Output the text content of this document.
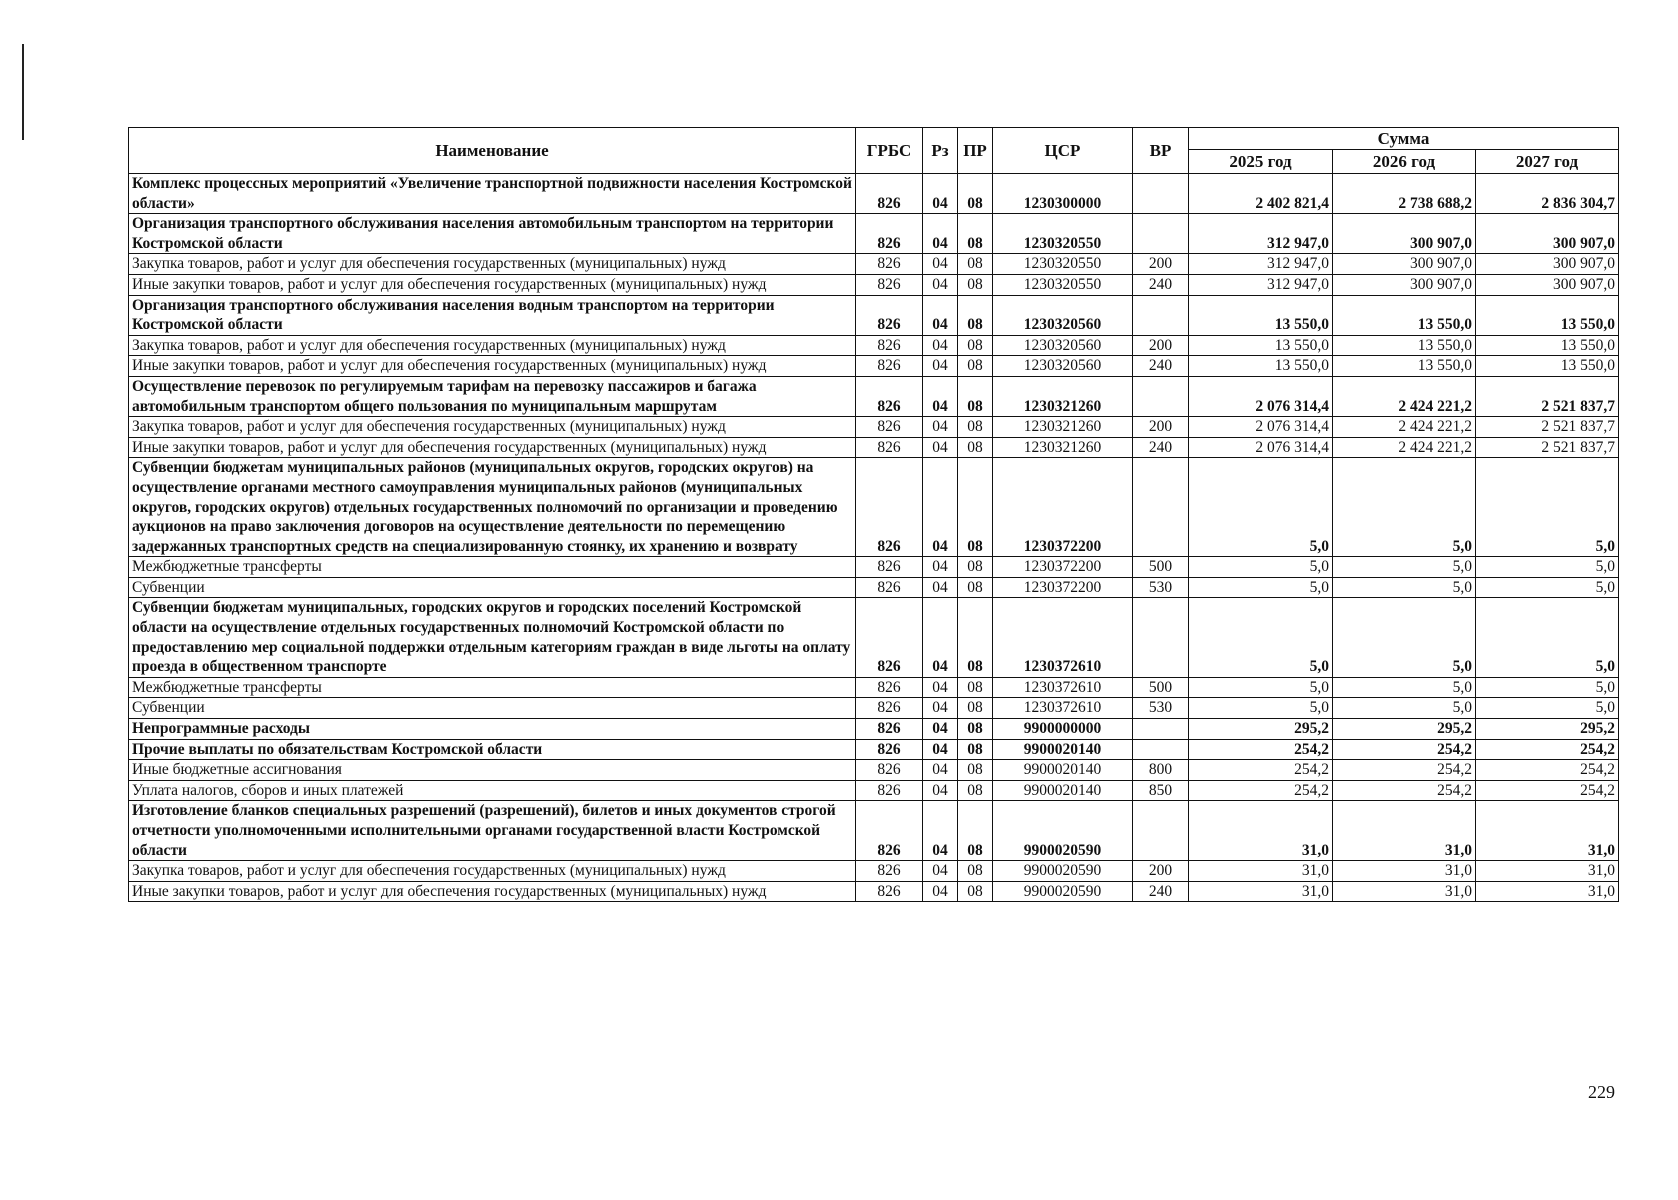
Наименование	ГРБС	Рз	ПР	ЦСР	ВР	Сумма		
						2025 год	2026 год	2027 год
Комплекс процессных мероприятий «Увеличение транспортной подвижности населения Костромской области»	826	04	08	1230300000		2 402 821,4	2 738 688,2	2 836 304,7
Организация транспортного обслуживания населения автомобильным транспортом на территории Костромской области	826	04	08	1230320550		312 947,0	300 907,0	300 907,0
Закупка товаров, работ и услуг для обеспечения государственных (муниципальных) нужд	826	04	08	1230320550	200	312 947,0	300 907,0	300 907,0
Иные закупки товаров, работ и услуг для обеспечения государственных (муниципальных) нужд	826	04	08	1230320550	240	312 947,0	300 907,0	300 907,0
Организация транспортного обслуживания населения водным транспортом на территории Костромской области	826	04	08	1230320560		13 550,0	13 550,0	13 550,0
Закупка товаров, работ и услуг для обеспечения государственных (муниципальных) нужд	826	04	08	1230320560	200	13 550,0	13 550,0	13 550,0
Иные закупки товаров, работ и услуг для обеспечения государственных (муниципальных) нужд	826	04	08	1230320560	240	13 550,0	13 550,0	13 550,0
Осуществление перевозок по регулируемым тарифам на перевозку пассажиров и багажа автомобильным транспортом общего пользования по муниципальным маршрутам	826	04	08	1230321260		2 076 314,4	2 424 221,2	2 521 837,7
Закупка товаров, работ и услуг для обеспечения государственных (муниципальных) нужд	826	04	08	1230321260	200	2 076 314,4	2 424 221,2	2 521 837,7
Иные закупки товаров, работ и услуг для обеспечения государственных (муниципальных) нужд	826	04	08	1230321260	240	2 076 314,4	2 424 221,2	2 521 837,7
Субвенции бюджетам муниципальных районов (муниципальных округов, городских округов) на осуществление органами местного самоуправления муниципальных районов (муниципальных округов, городских округов) отдельных государственных полномочий по организации и проведению аукционов на право заключения договоров на осуществление деятельности по перемещению задержанных транспортных средств на специализированную стоянку, их хранению и возврату	826	04	08	1230372200		5,0	5,0	5,0
Межбюджетные трансферты	826	04	08	1230372200	500	5,0	5,0	5,0
Субвенции	826	04	08	1230372200	530	5,0	5,0	5,0
Субвенции бюджетам муниципальных, городских округов и городских поселений Костромской области на осуществление отдельных государственных полномочий Костромской области по предоставлению мер социальной поддержки отдельным категориям граждан в виде льготы на оплату проезда в общественном транспорте	826	04	08	1230372610		5,0	5,0	5,0
Межбюджетные трансферты	826	04	08	1230372610	500	5,0	5,0	5,0
Субвенции	826	04	08	1230372610	530	5,0	5,0	5,0
Непрограммные расходы	826	04	08	9900000000		295,2	295,2	295,2
Прочие выплаты по обязательствам Костромской области	826	04	08	9900020140		254,2	254,2	254,2
Иные бюджетные ассигнования	826	04	08	9900020140	800	254,2	254,2	254,2
Уплата налогов, сборов и иных платежей	826	04	08	9900020140	850	254,2	254,2	254,2
Изготовление бланков специальных разрешений (разрешений), билетов и иных документов строгой отчетности уполномоченными исполнительными органами государственной власти Костромской области	826	04	08	9900020590		31,0	31,0	31,0
Закупка товаров, работ и услуг для обеспечения государственных (муниципальных) нужд	826	04	08	9900020590	200	31,0	31,0	31,0
Иные закупки товаров, работ и услуг для обеспечения государственных (муниципальных) нужд	826	04	08	9900020590	240	31,0	31,0	31,0
229
